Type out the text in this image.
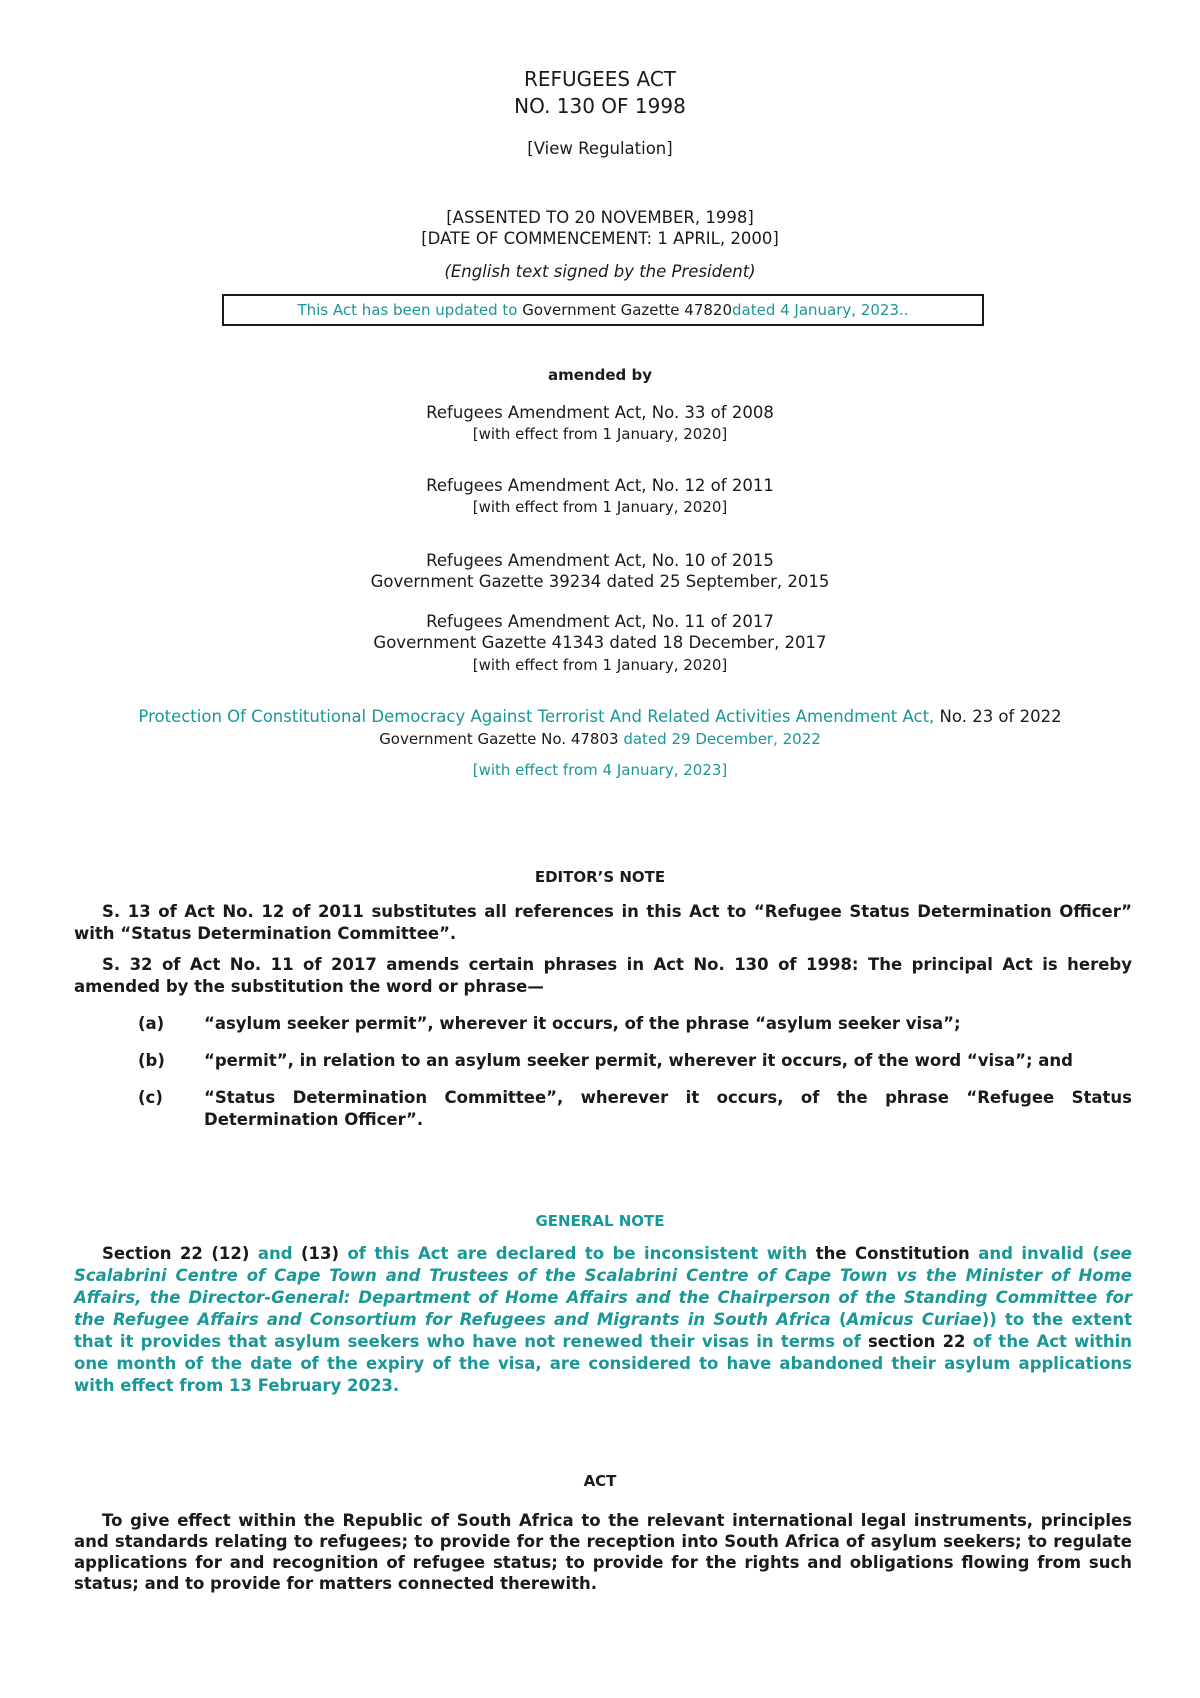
REFUGEES ACT

NO. 130 OF 1998

[View Regulation]
[ASSENTED TO 20 NOVEMBER, 1998]
[DATE OF COMMENCEMENT: 1 APRIL, 2000]
(English text signed by the President)
This Act has been updated to
Government Gazette 47820 dated 4 January, 2023..
amended by
Refugees Amendment Act, No. 33 of 2008
[with effect from 1 January, 2020]
Refugees Amendment Act, No. 12 of 2011
[with effect from 1 January, 2020]
Refugees Amendment Act, No. 10 of 2015
Government Gazette 39234 dated 25 September, 2015
Refugees Amendment Act, No. 11 of 2017
Government Gazette 41343 dated 18 December, 2017
[with effect from 1 January, 2020]
Protection Of Constitutional Democracy Against Terrorist And Related Activities Amendment Act, No. 23 of 2022
Government Gazette No. 47803 dated 29 December, 2022
[with effect from 4 January, 2023]
EDITOR’S NOTE
S. 13 of Act No. 12 of 2011 substitutes all references in this Act to “Refugee Status Determination Officer” with “Status Determination Committee”.
S. 32 of Act No. 11 of 2017 amends certain phrases in Act No. 130 of 1998: The principal Act is hereby amended by the substitution the word or phrase—
(a)	“asylum seeker permit”, wherever it occurs, of the phrase “asylum seeker visa”;
(b)	“permit”, in relation to an asylum seeker permit, wherever it occurs, of the word “visa”; and
(c)	“Status Determination Committee”, wherever it occurs, of the phrase “Refugee Status Determination Officer”.
GENERAL NOTE
Section 22 (12) and (13) of this Act are declared to be inconsistent with the Constitution and invalid (see Scalabrini Centre of Cape Town and Trustees of the Scalabrini Centre of Cape Town vs the Minister of Home Affairs, the Director-General: Department of Home Affairs and the Chairperson of the Standing Committee for the Refugee Affairs and Consortium for Refugees and Migrants in South Africa (Amicus Curiae)) to the extent that it provides that asylum seekers who have not renewed their visas in terms of section 22 of the Act within one month of the date of the expiry of the visa, are considered to have abandoned their asylum applications with effect from 13 February 2023.
ACT
To give effect within the Republic of South Africa to the relevant international legal instruments, principles and standards relating to refugees; to provide for the reception into South Africa of asylum seekers; to regulate applications for and recognition of refugee status; to provide for the rights and obligations flowing from such status; and to provide for matters connected therewith.
